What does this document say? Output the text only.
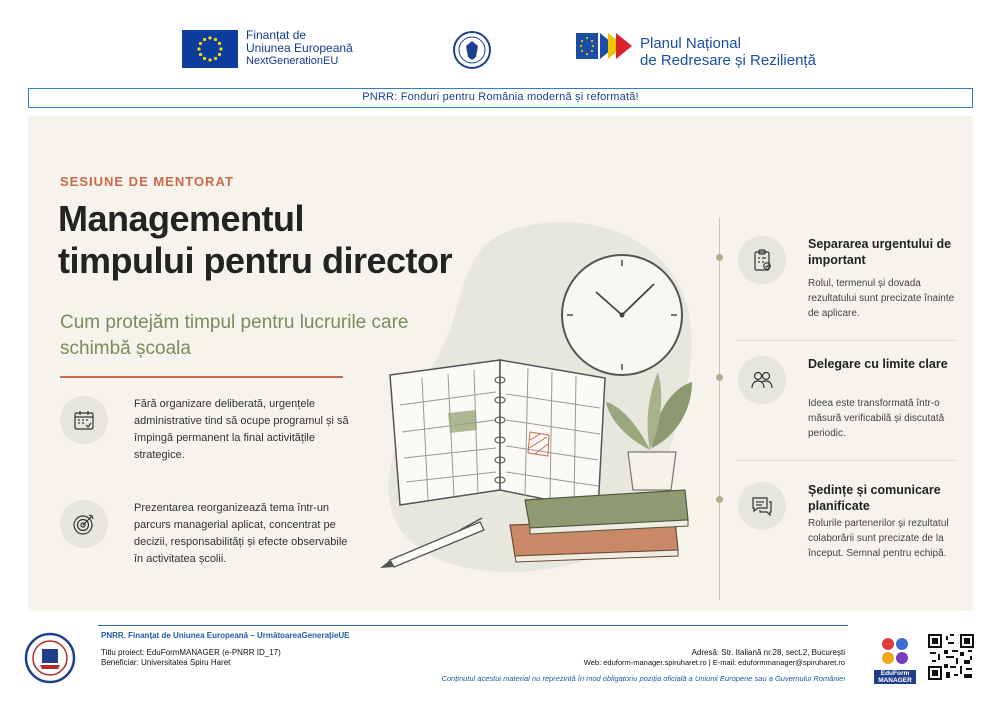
Finanțat de
Uniunea Europeană
NextGenerationEU
Planul Național
de Redresare și Reziliență
PNRR: Fonduri pentru România modernă și reformată!
SESIUNE DE MENTORAT
Managementul
timpului pentru director
Cum protejăm timpul pentru lucrurile care schimbă școala
Fără organizare deliberată, urgențele administrative tind să ocupe programul și să împingă permanent la final activitățile strategice.
Prezentarea reorganizează tema într-un parcurs managerial aplicat, concentrat pe decizii, responsabilități și efecte observabile în activitatea școlii.
Separarea urgentului de important
Rolul, termenul și dovada rezultatului sunt precizate înainte de aplicare.
Delegare cu limite clare
Ideea este transformată într-o măsură verificabilă și discutată periodic.
Ședințe și comunicare planificate
Rolurile partenerilor și rezultatul colaborării sunt precizate de la început. Semnal pentru echipă.
PNRR. Finanțat de Uniunea Europeană – UrmătoareaGenerațieUE
Titlu proiect: EduFormMANAGER (e-PNRR ID_17)
Beneficiar: Universitatea Spiru Haret
Adresă: Str. Italiană nr.28, sect.2, București
Web: eduform-manager.spiruharet.ro | E-mail: eduformmanager@spiruharet.ro
Conținutul acestui material nu reprezintă în mod obligatoriu poziția oficială a Uniunii Europene sau a Guvernului României
EduForm
MANAGER
